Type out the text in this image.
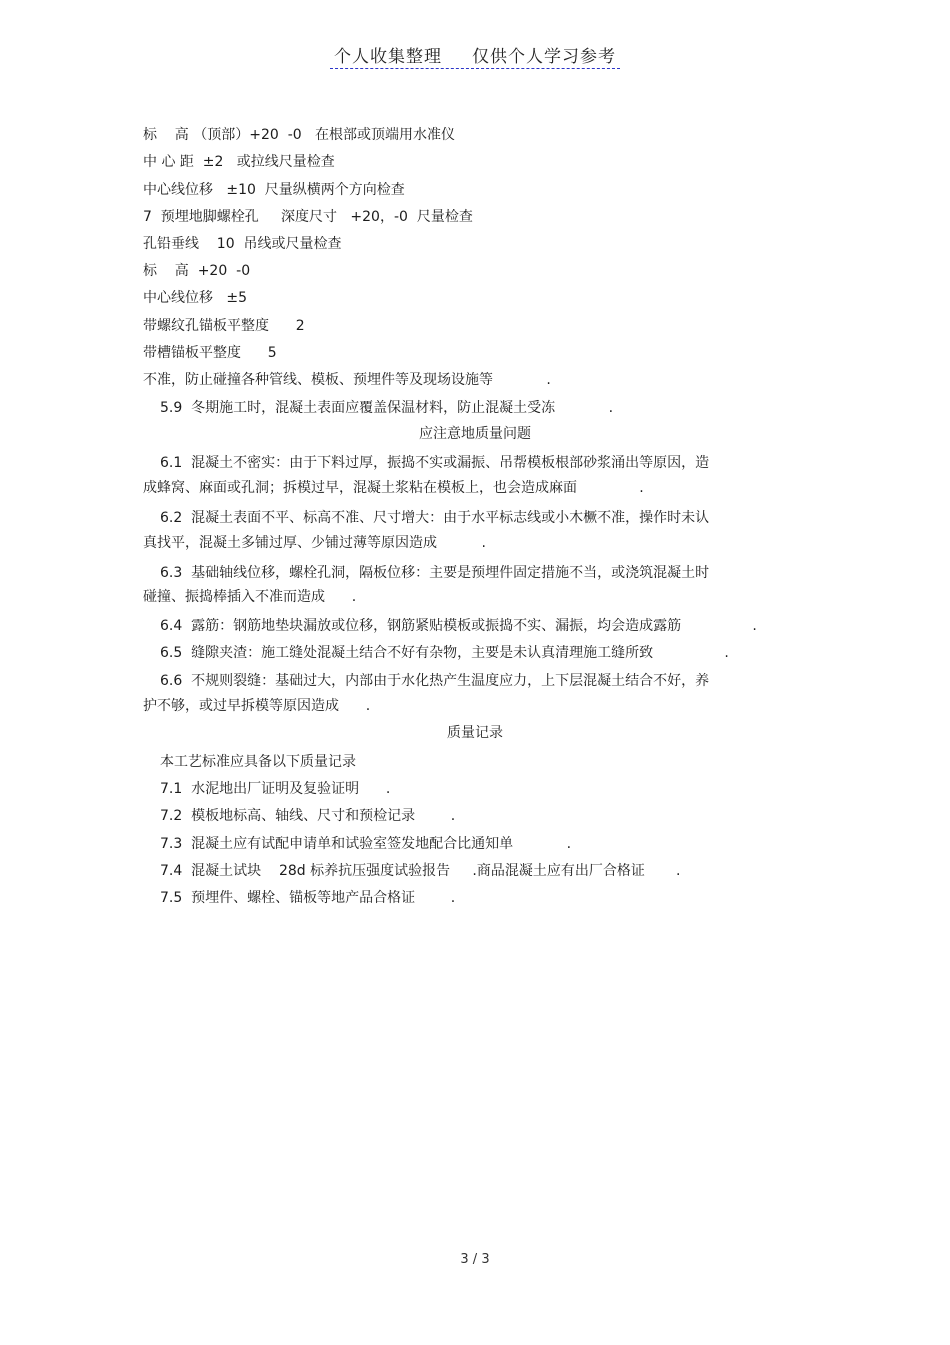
个人收集整理 仅供个人学习参考
标    高 （顶部）+20  -0   在根部或顶端用水准仪
中 心 距  ±2   或拉线尺量检查
中心线位移   ±10  尺量纵横两个方向检查
7  预埋地脚螺栓孔     深度尺寸   +20，-0  尺量检查
孔铅垂线    10  吊线或尺量检查
标    高  +20  -0
中心线位移   ±5
带螺纹孔锚板平整度      2
带槽锚板平整度      5
不准，防止碰撞各种管线、模板、预埋件等及现场设施等            .
5.9  冬期施工时，混凝土表面应覆盖保温材料，防止混凝土受冻            .
应注意地质量问题
6.1  混凝土不密实：由于下料过厚，振捣不实或漏振、吊帮模板根部砂浆涌出等原因，造
成蜂窝、麻面或孔洞；拆模过早，混凝土浆粘在模板上，也会造成麻面              .
6.2  混凝土表面不平、标高不准、尺寸增大：由于水平标志线或小木橛不准，操作时未认
真找平，混凝土多铺过厚、少铺过薄等原因造成          .
6.3  基础轴线位移，螺栓孔洞，隔板位移：主要是预埋件固定措施不当，或浇筑混凝土时
碰撞、振捣棒插入不准而造成      .
6.4  露筋：钢筋地垫块漏放或位移，钢筋紧贴模板或振捣不实、漏振，均会造成露筋                .
6.5  缝隙夹渣：施工缝处混凝土结合不好有杂物，主要是未认真清理施工缝所致                .
6.6  不规则裂缝：基础过大，内部由于水化热产生温度应力，上下层混凝土结合不好，养
护不够，或过早拆模等原因造成      .
质量记录
本工艺标准应具备以下质量记录
7.1  水泥地出厂证明及复验证明      .
7.2  模板地标高、轴线、尺寸和预检记录        .
7.3  混凝土应有试配申请单和试验室签发地配合比通知单            .
7.4  混凝土试块    28d 标养抗压强度试验报告     .商品混凝土应有出厂合格证       .
7.5  预埋件、螺栓、锚板等地产品合格证        .
3 / 3
